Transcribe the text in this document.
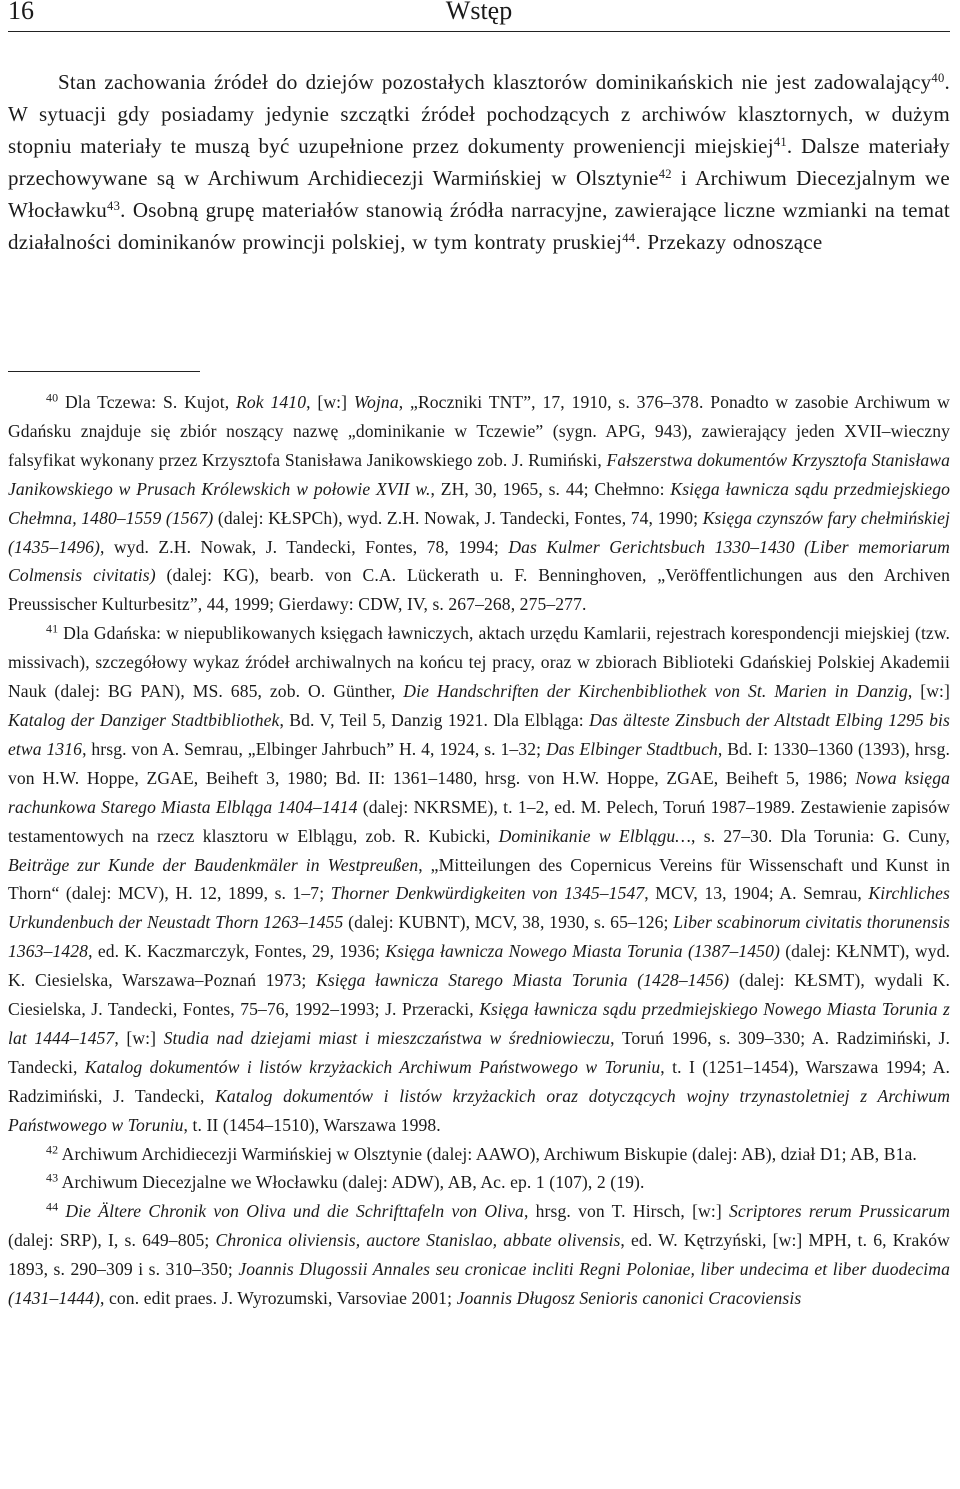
16	Wstęp

Stan zachowania źródeł do dziejów pozostałych klasztorów dominikańskich nie jest zadowalający$^{40}$. W sytuacji gdy posiadamy jedynie szczątki źródeł pochodzących z archiwów klasztornych, w dużym stopniu materiały te muszą być uzupełnione przez dokumenty proweniencji miejskiej$^{41}$. Dalsze materiały przechowywane są w Archiwum Archidiecezji Warmińskiej w Olsztynie$^{42}$ i Archiwum Diecezjalnym we Włocławku$^{43}$. Osobną grupę materiałów stanowią źródła narracyjne, zawierające liczne wzmianki na temat działalności dominikanów prowincji polskiej, w tym kontraty pruskiej$^{44}$. Przekazy odnoszące

$^{40}$ Dla Tczewa: S. Kujot, Rok 1410, [w:] Wojna, „Roczniki TNT”, 17, 1910, s. 376–378. Ponadto w zasobie Archiwum w Gdańsku znajduje się zbiór noszący nazwę „dominikanie w Tczewie” (sygn. APG, 943), zawierający jeden XVII–wieczny falsyfikat wykonany przez Krzysztofa Stanisława Janikowskiego zob. J. Rumiński, Fałszerstwa dokumentów Krzysztofa Stanisława Janikowskiego w Prusach Królewskich w połowie XVII w., ZH, 30, 1965, s. 44; Chełmno: Księga ławnicza sądu przedmiejskiego Chełmna, 1480–1559 (1567) (dalej: KŁSPCh), wyd. Z.H. Nowak, J. Tandecki, Fontes, 74, 1990; Księga czynszów fary chełmińskiej (1435–1496), wyd. Z.H. Nowak, J. Tandecki, Fontes, 78, 1994; Das Kulmer Gerichtsbuch 1330–1430 (Liber memoriarum Colmensis civitatis) (dalej: KG), bearb. von C.A. Lückerath u. F. Benninghoven, „Veröffentlichungen aus den Archiven Preussischer Kulturbesitz”, 44, 1999; Gierdawy: CDW, IV, s. 267–268, 275–277.

$^{41}$ Dla Gdańska: w niepublikowanych księgach ławniczych, aktach urzędu Kamlarii, rejestrach korespondencji miejskiej (tzw. missivach), szczegółowy wykaz źródeł archiwalnych na końcu tej pracy, oraz w zbiorach Biblioteki Gdańskiej Polskiej Akademii Nauk (dalej: BG PAN), MS. 685, zob. O. Günther, Die Handschriften der Kirchenbibliothek von St. Marien in Danzig, [w:] Katalog der Danziger Stadtbibliothek, Bd. V, Teil 5, Danzig 1921. Dla Elbląga: Das älteste Zinsbuch der Altstadt Elbing 1295 bis etwa 1316, hrsg. von A. Semrau, „Elbinger Jahrbuch” H. 4, 1924, s. 1–32; Das Elbinger Stadtbuch, Bd. I: 1330–1360 (1393), hrsg. von H.W. Hoppe, ZGAE, Beiheft 3, 1980; Bd. II: 1361–1480, hrsg. von H.W. Hoppe, ZGAE, Beiheft 5, 1986; Nowa księga rachunkowa Starego Miasta Elbląga 1404–1414 (dalej: NKRSME), t. 1–2, ed. M. Pelech, Toruń 1987–1989. Zestawienie zapisów testamentowych na rzecz klasztoru w Elblągu, zob. R. Kubicki, Dominikanie w Elblągu…, s. 27–30. Dla Torunia: G. Cuny, Beiträge zur Kunde der Baudenkmäler in Westpreußen, „Mitteilungen des Copernicus Vereins für Wissenschaft und Kunst in Thorn“ (dalej: MCV), H. 12, 1899, s. 1–7; Thorner Denkwürdigkeiten von 1345–1547, MCV, 13, 1904; A. Semrau, Kirchliches Urkundenbuch der Neustadt Thorn 1263–1455 (dalej: KUBNT), MCV, 38, 1930, s. 65–126; Liber scabinorum civitatis thorunensis 1363–1428, ed. K. Kaczmarczyk, Fontes, 29, 1936; Księga ławnicza Nowego Miasta Torunia (1387–1450) (dalej: KŁNMT), wyd. K. Ciesielska, Warszawa–Poznań 1973; Księga ławnicza Starego Miasta Torunia (1428–1456) (dalej: KŁSMT), wydali K. Ciesielska, J. Tandecki, Fontes, 75–76, 1992–1993; J. Przeracki, Księga ławnicza sądu przedmiejskiego Nowego Miasta Torunia z lat 1444–1457, [w:] Studia nad dziejami miast i mieszczaństwa w średniowieczu, Toruń 1996, s. 309–330; A. Radzimiński, J. Tandecki, Katalog dokumentów i listów krzyżackich Archiwum Państwowego w Toruniu, t. I (1251–1454), Warszawa 1994; A. Radzimiński, J. Tandecki, Katalog dokumentów i listów krzyżackich oraz dotyczących wojny trzynastoletniej z Archiwum Państwowego w Toruniu, t. II (1454–1510), Warszawa 1998.

$^{42}$ Archiwum Archidiecezji Warmińskiej w Olsztynie (dalej: AAWO), Archiwum Biskupie (dalej: AB), dział D1; AB, B1a.

$^{43}$ Archiwum Diecezjalne we Włocławku (dalej: ADW), AB, Ac. ep. 1 (107), 2 (19).

$^{44}$ Die Ältere Chronik von Oliva und die Schrifttafeln von Oliva, hrsg. von T. Hirsch, [w:] Scriptores rerum Prussicarum (dalej: SRP), I, s. 649–805; Chronica oliviensis, auctore Stanislao, abbate olivensis, ed. W. Kętrzyński, [w:] MPH, t. 6, Kraków 1893, s. 290–309 i s. 310–350; Joannis Dlugossii Annales seu cronicae incliti Regni Poloniae, liber undecima et liber duodecima (1431–1444), con. edit praes. J. Wyrozumski, Varsoviae 2001; Joannis Długosz Senioris canonici Cracoviensis
